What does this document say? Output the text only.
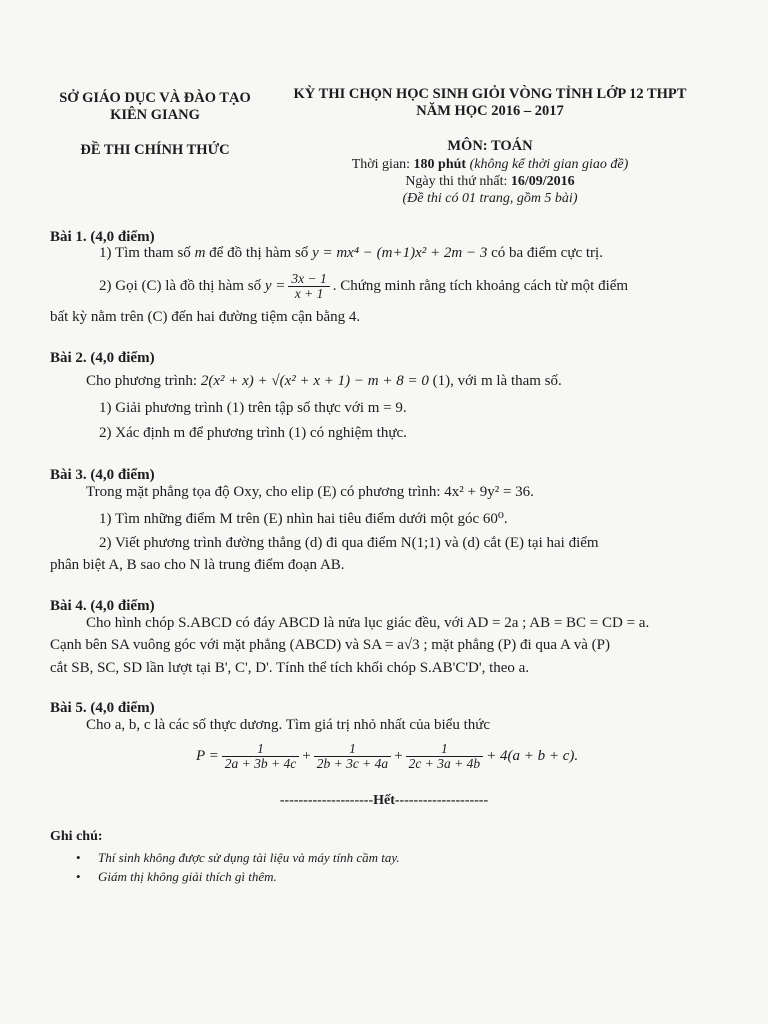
SỞ GIÁO DỤC VÀ ĐÀO TẠO
KIÊN GIANG
ĐỀ THI CHÍNH THỨC
KỲ THI CHỌN HỌC SINH GIỎI VÒNG TỈNH LỚP 12 THPT
NĂM HỌC 2016 – 2017
MÔN: TOÁN
Thời gian: 180 phút (không kể thời gian giao đề)
Ngày thi thứ nhất: 16/09/2016
(Đề thi có 01 trang, gồm 5 bài)
Bài 1. (4,0 điểm)
1) Tìm tham số m để đồ thị hàm số y = mx⁴ − (m+1)x² + 2m − 3 có ba điểm cực trị.
2) Gọi (C) là đồ thị hàm số $y = \frac{3x - 1}{x + 1}$ . Chứng minh rằng tích khoảng cách từ một điểm
bất kỳ nằm trên (C) đến hai đường tiệm cận bằng 4.
Bài 2. (4,0 điểm)
Cho phương trình: 2(x² + x) + √(x² + x + 1) − m + 8 = 0 (1), với m là tham số.
1) Giải phương trình (1) trên tập số thực với m = 9.
2) Xác định m để phương trình (1) có nghiệm thực.
Bài 3. (4,0 điểm)
Trong mặt phẳng tọa độ Oxy, cho elip (E) có phương trình: 4x² + 9y² = 36.
1) Tìm những điểm M trên (E) nhìn hai tiêu điểm dưới một góc 60⁰.
2) Viết phương trình đường thẳng (d) đi qua điểm N(1;1) và (d) cắt (E) tại hai điểm
phân biệt A, B sao cho N là trung điểm đoạn AB.
Bài 4. (4,0 điểm)
Cho hình chóp S.ABCD có đáy ABCD là nửa lục giác đều, với AD = 2a ; AB = BC = CD = a.
Cạnh bên SA vuông góc với mặt phẳng (ABCD) và SA = a√3 ; mặt phẳng (P) đi qua A và (P)
cắt SB, SC, SD lần lượt tại B', C', D'. Tính thể tích khối chóp S.AB'C'D', theo a.
Bài 5. (4,0 điểm)
Cho a, b, c là các số thực dương. Tìm giá trị nhỏ nhất của biểu thức
$P = \frac{1}{2a + 3b + 4c} + \frac{1}{2b + 3c + 4a} + \frac{1}{2c + 3a + 4b} + 4(a + b + c)$.
--------------------Hết--------------------
Ghi chú:
• Thí sinh không được sử dụng tài liệu và máy tính cầm tay.
• Giám thị không giải thích gì thêm.
